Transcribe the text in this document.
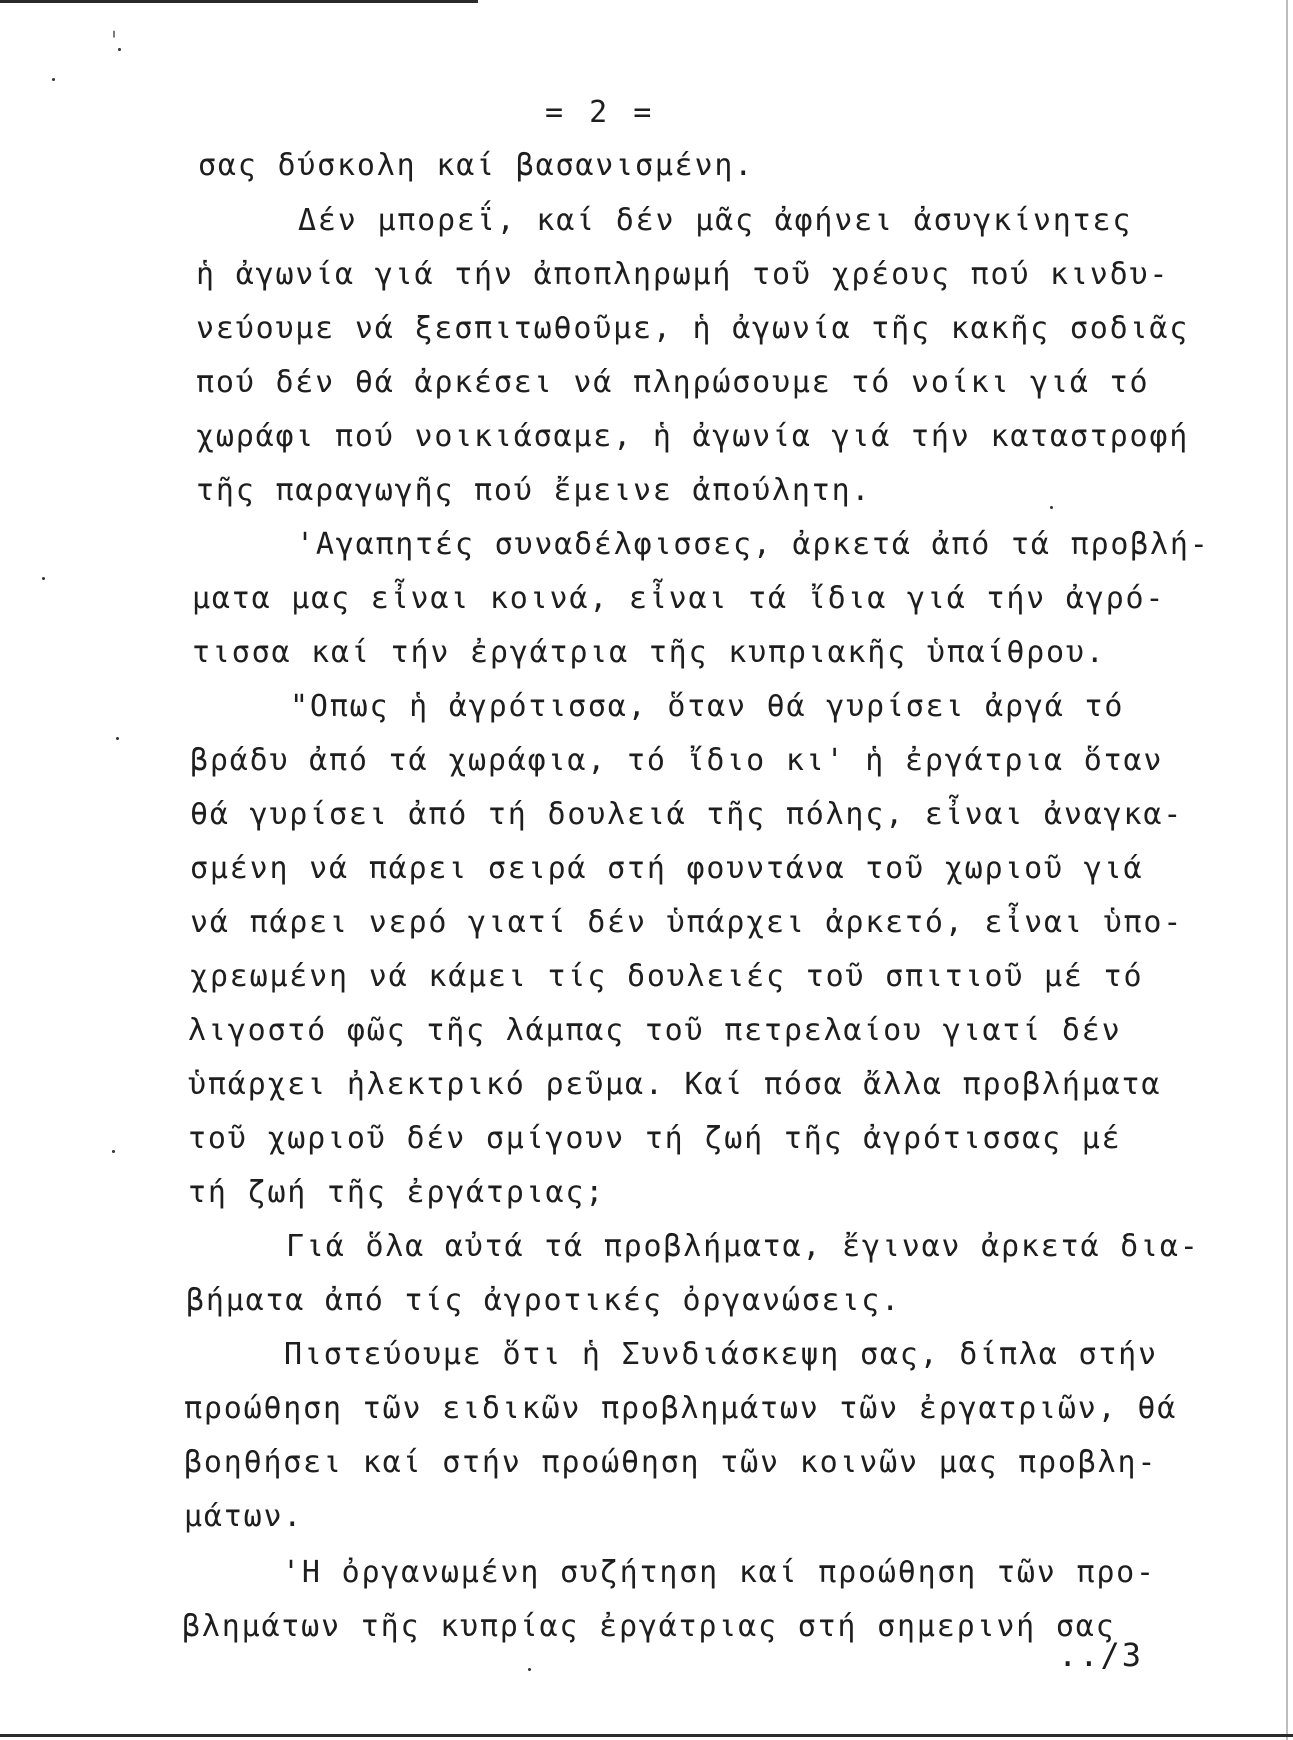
= 2 =
σας δύσκολη καί βασανισμένη.
Δέν μπορεΐ, καί δέν μᾶς ἀφήνει ἀσυγκίνητες
ἡ ἀγωνία γιά τήν ἀποπληρωμή τοῦ χρέους πού κινδυ-
νεύουμε νά ξεσπιτωθοῦμε, ἡ ἀγωνία τῆς κακῆς σοδιᾶς
πού δέν θά ἀρκέσει νά πληρώσουμε τό νοίκι γιά τό
χωράφι πού νοικιάσαμε, ἡ ἀγωνία γιά τήν καταστροφή
τῆς παραγωγῆς πού ἔμεινε ἀπούλητη.
'Αγαπητές συναδέλφισσες, ἀρκετά ἀπό τά προβλή-
ματα μας εἶναι κοινά, εἶναι τά ἴδια γιά τήν ἀγρό-
τισσα καί τήν ἐργάτρια τῆς κυπριακῆς ὑπαίθρου.
"Οπως ἡ ἀγρότισσα, ὅταν θά γυρίσει ἀργά τό
βράδυ ἀπό τά χωράφια, τό ἴδιο κι' ἡ ἐργάτρια ὅταν
θά γυρίσει ἀπό τή δουλειά τῆς πόλης, εἶναι ἀναγκα-
σμένη νά πάρει σειρά στή φουντάνα τοῦ χωριοῦ γιά
νά πάρει νερό γιατί δέν ὑπάρχει ἀρκετό, εἶναι ὑπο-
χρεωμένη νά κάμει τίς δουλειές τοῦ σπιτιοῦ μέ τό
λιγοστό φῶς τῆς λάμπας τοῦ πετρελαίου γιατί δέν
ὑπάρχει ἠλεκτρικό ρεῦμα. Καί πόσα ἄλλα προβλήματα
τοῦ χωριοῦ δέν σμίγουν τή ζωή τῆς ἀγρότισσας μέ
τή ζωή τῆς ἐργάτριας;
Γιά ὅλα αὐτά τά προβλήματα, ἔγιναν ἀρκετά δια-
βήματα ἀπό τίς ἀγροτικές ὀργανώσεις.
Πιστεύουμε ὅτι ἡ Συνδιάσκεψη σας, δίπλα στήν
προώθηση τῶν ειδικῶν προβλημάτων τῶν ἐργατριῶν, θά
βοηθήσει καί στήν προώθηση τῶν κοινῶν μας προβλη-
μάτων.
'Η ὀργανωμένη συζήτηση καί προώθηση τῶν προ-
βλημάτων τῆς κυπρίας ἐργάτριας στή σημερινή σας
../3
